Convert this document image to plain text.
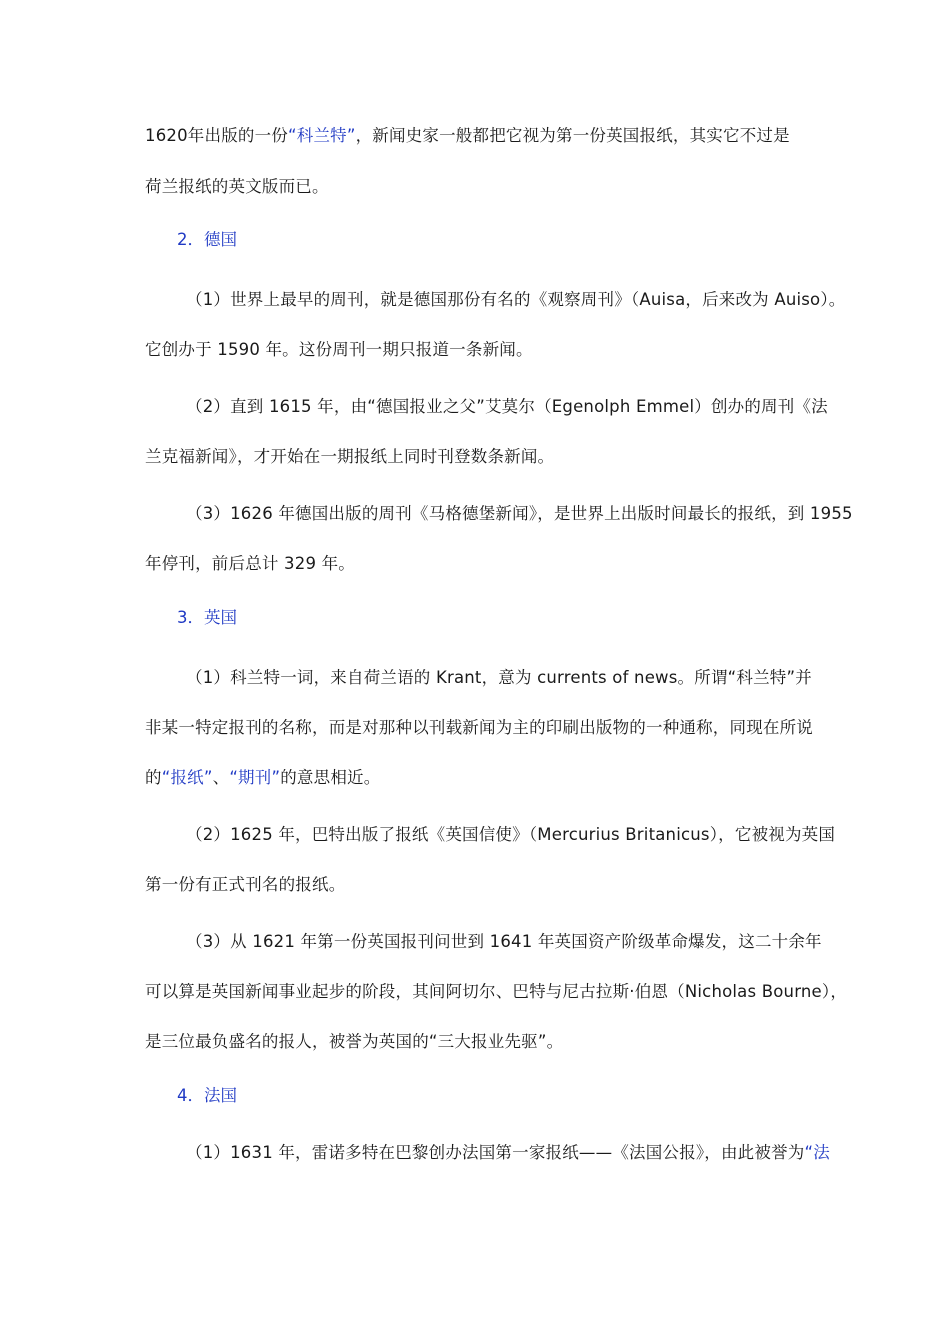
1620年出版的一份“科兰特”，新闻史家一般都把它视为第一份英国报纸，其实它不过是
荷兰报纸的英文版而已。
2．德国
（1）世界上最早的周刊，就是德国那份有名的《观察周刊》（Auisa，后来改为 Auiso）。
它创办于 1590 年。这份周刊一期只报道一条新闻。
（2）直到 1615 年，由“德国报业之父”艾莫尔（Egenolph Emmel）创办的周刊《法
兰克福新闻》，才开始在一期报纸上同时刊登数条新闻。
（3）1626 年德国出版的周刊《马格德堡新闻》，是世界上出版时间最长的报纸，到 1955
年停刊，前后总计 329 年。
3．英国
（1）科兰特一词，来自荷兰语的 Krant，意为 currents of news。所谓“科兰特”并
非某一特定报刊的名称，而是对那种以刊载新闻为主的印刷出版物的一种通称，同现在所说
的“报纸”、“期刊”的意思相近。
（2）1625 年，巴特出版了报纸《英国信使》（Mercurius Britanicus），它被视为英国
第一份有正式刊名的报纸。
（3）从 1621 年第一份英国报刊问世到 1641 年英国资产阶级革命爆发，这二十余年
可以算是英国新闻事业起步的阶段，其间阿切尔、巴特与尼古拉斯·伯恩（Nicholas Bourne），
是三位最负盛名的报人，被誉为英国的“三大报业先驱”。
4．法国
（1）1631 年，雷诺多特在巴黎创办法国第一家报纸——《法国公报》，由此被誉为“法
